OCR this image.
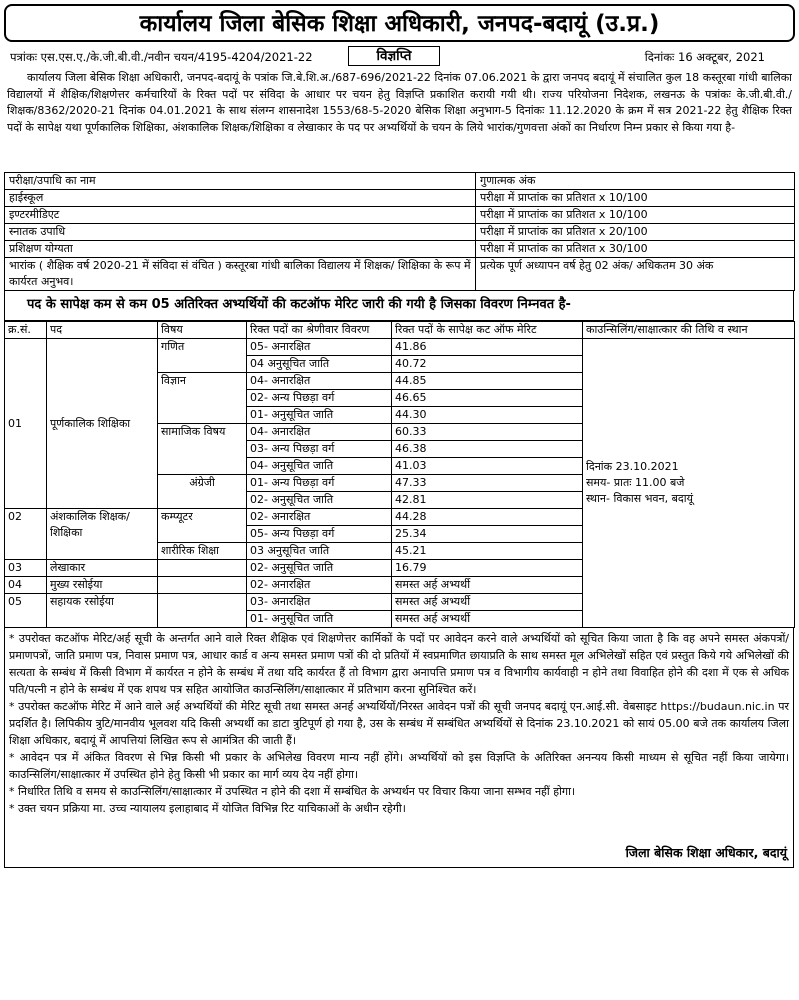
कार्यालय जिला बेसिक शिक्षा अधिकारी, जनपद-बदायूं (उ.प्र.)
पत्रांकः एस.एस.ए./के.जी.बी.वी./नवीन चयन/4195-4204/2021-22	विज्ञप्ति	दिनांकः 16 अक्टूबर, 2021

कार्यालय जिला बेसिक शिक्षा अधिकारी, जनपद-बदायूं के पत्रांक जि.बे.शि.अ./687-696/2021-22 दिनांक 07.06.2021 के द्वारा जनपद बदायूं में संचालित कुल 18 कस्तूरबा गांधी बालिका विद्यालयों में शैक्षिक/शिक्षणेत्तर कर्मचारियों के रिक्त पदों पर संविदा के आधार पर चयन हेतु विज्ञप्ति प्रकाशित करायी गयी थी। राज्य परियोजना निदेशक, लखनऊ के पत्रांकः के.जी.बी.वी./शिक्षक/8362/2020-21 दिनांक 04.01.2021 के साथ संलग्न शासनादेश 1553/68-5-2020 बेसिक शिक्षा अनुभाग-5 दिनांकः 11.12.2020 के क्रम में सत्र 2021-22 हेतु शैक्षिक रिक्त पदों के सापेक्ष यथा पूर्णकालिक शिक्षिका, अंशकालिक शिक्षक/शिक्षिका व लेखाकार के पद पर अभ्यर्थियों के चयन के लिये भारांक/गुणवत्ता अंकों का निर्धारण निम्न प्रकार से किया गया है-

परीक्षा/उपाधि का नाम	गुणात्मक अंक
हाईस्कूल	परीक्षा में प्राप्तांक का प्रतिशत x 10/100
इण्टरमीडिएट	परीक्षा में प्राप्तांक का प्रतिशत x 10/100
स्नातक उपाधि	परीक्षा में प्राप्तांक का प्रतिशत x 20/100
प्रशिक्षण योग्यता	परीक्षा में प्राप्तांक का प्रतिशत x 30/100
भारांक ( शैक्षिक वर्ष 2020-21 में संविदा सं वंचित ) कस्तूरबा गांधी बालिका विद्यालय में शिक्षक/ शिक्षिका के रूप में कार्यरत अनुभव।	प्रत्येक पूर्ण अध्यापन वर्ष हेतु 02 अंक/ अधिकतम 30 अंक
पद के सापेक्ष कम से कम 05 अतिरिक्त अभ्यर्थियों की कटऑफ मेरिट जारी की गयी है जिसका विवरण निम्नवत है-
क्र.सं.	पद	विषय	रिक्त पदों का श्रेणीवार विवरण	रिक्त पदों के सापेक्ष कट ऑफ मेरिट	काउन्सिलिंग/साक्षात्कार की तिथि व स्थान
01	पूर्णकालिक शिक्षिका	गणित	05- अनारक्षित	41.86	दिनांक 23.10.2021
समय- प्रातः 11.00 बजे
स्थान- विकास भवन, बदायूं

			04 अनुसूचित जाति	40.72	
		विज्ञान	04- अनारक्षित	44.85	
			02- अन्य पिछड़ा वर्ग	46.65	
			01- अनुसूचित जाति	44.30	
		सामाजिक विषय	04- अनारक्षित	60.33	
			03- अन्य पिछड़ा वर्ग	46.38	
			04- अनुसूचित जाति	41.03	
		अंग्रेजी	01- अन्य पिछड़ा वर्ग	47.33	
			02- अनुसूचित जाति	42.81	
02	अंशकालिक शिक्षक/ शिक्षिका	कम्प्यूटर	02- अनारक्षित	44.28	
			05- अन्य पिछड़ा वर्ग	25.34	
		शारीरिक शिक्षा	03 अनुसूचित जाति	45.21	
03	लेखाकार		02- अनुसूचित जाति	16.79	
04	मुख्य रसोईया		02- अनारक्षित	समस्त अर्ह अभ्यर्थी	
05	सहायक रसोईया		03- अनारक्षित	समस्त अर्ह अभ्यर्थी	
			01- अनुसूचित जाति	समस्त अर्ह अभ्यर्थी	

* उपरोक्त कटऑफ मेरिट/अर्ह सूची के अन्तर्गत आने वाले रिक्त शैक्षिक एवं शिक्षणेत्तर कार्मिकों के पदों पर आवेदन करने वाले अभ्यर्थियों को सूचित किया जाता है कि वह अपने समस्त अंकपत्रों/प्रमाणपत्रों, जाति प्रमाण पत्र, निवास प्रमाण पत्र, आधार कार्ड व अन्य समस्त प्रमाण पत्रों की दो प्रतियों में स्वप्रमाणित छायाप्रति के साथ समस्त मूल अभिलेखों सहित एवं प्रस्तुत किये गये अभिलेखों की सत्यता के सम्बंध में किसी विभाग में कार्यरत न होने के सम्बंध में तथा यदि कार्यरत हैं तो विभाग द्वारा अनापत्ति प्रमाण पत्र व विभागीय कार्यवाही न होने तथा विवाहित होने की दशा में एक से अधिक पति/पत्नी न होने के सम्बंध में एक शपथ पत्र सहित आयोजित काउन्सिलिंग/साक्षात्कार में प्रतिभाग करना सुनिश्चित करें।

* उपरोक्त कटऑफ मेरिट में आने वाले अर्ह अभ्यर्थियों की मेरिट सूची तथा समस्त अनर्ह अभ्यर्थियों/निरस्त आवेदन पत्रों की सूची जनपद बदायूं एन.आई.सी. वेबसाइट https://budaun.nic.in पर प्रदर्शित है। लिपिकीय त्रुटि/मानवीय भूलवश यदि किसी अभ्यर्थी का डाटा त्रुटिपूर्ण हो गया है, उस के सम्बंध में सम्बंधित अभ्यर्थियों से दिनांक 23.10.2021 को सायं 05.00 बजे तक कार्यालय जिला शिक्षा अधिकार, बदायूं में आपत्तियां लिखित रूप से आमंत्रित की जाती हैं।

* आवेदन पत्र में अंकित विवरण से भिन्न किसी भी प्रकार के अभिलेख विवरण मान्य नहीं होंगे। अभ्यर्थियों को इस विज्ञप्ति के अतिरिक्त अनन्यय किसी माध्यम से सूचित नहीं किया जायेगा। काउन्सिलिंग/साक्षात्कार में उपस्थित होने हेतु किसी भी प्रकार का मार्ग व्यय देय नहीं होगा।

* निर्धारित तिथि व समय से काउन्सिलिंग/साक्षात्कार में उपस्थित न होने की दशा में सम्बंधित के अभ्यर्थन पर विचार किया जाना सम्भव नहीं होगा।

* उक्त चयन प्रक्रिया मा. उच्च न्यायालय इलाहाबाद में योजित विभिन्न रिट याचिकाओं के अधीन रहेगी।

जिला बेसिक शिक्षा अधिकार, बदायूं
